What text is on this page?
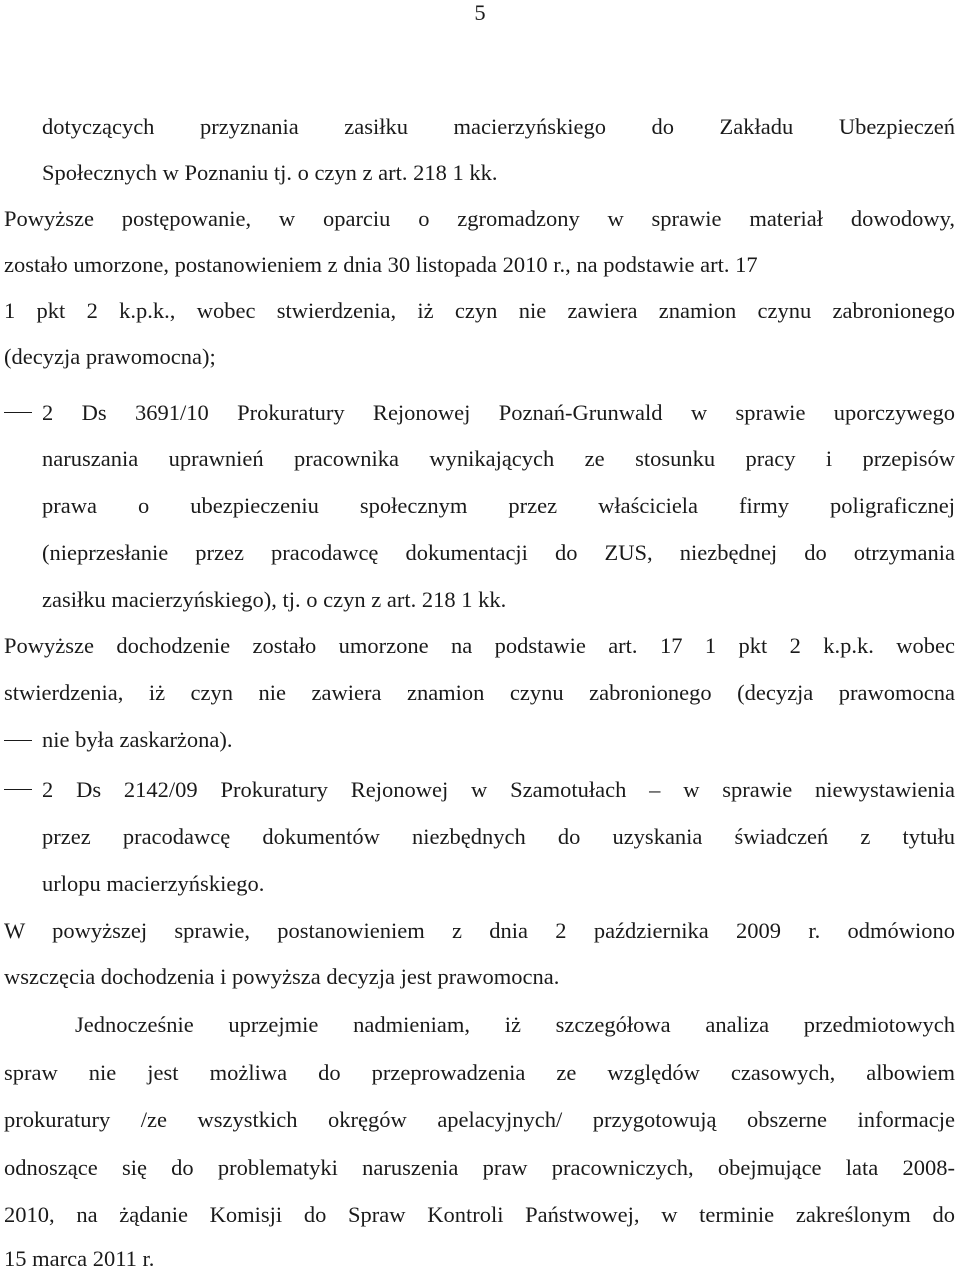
5
dotyczących przyznania zasiłku macierzyńskiego do Zakładu Ubezpieczeń
Społecznych w Poznaniu tj. o czyn z art. 218 1 kk.
Powyższe postępowanie, w oparciu o zgromadzony w sprawie materiał dowodowy,
zostało umorzone, postanowieniem z dnia 30 listopada 2010 r., na podstawie art. 17
1 pkt 2 k.p.k., wobec stwierdzenia, iż czyn nie zawiera znamion czynu zabronionego
(decyzja prawomocna);
2 Ds 3691/10 Prokuratury Rejonowej Poznań-Grunwald w sprawie uporczywego
naruszania uprawnień pracownika wynikających ze stosunku pracy i przepisów
prawa o ubezpieczeniu społecznym przez właściciela firmy poligraficznej
(nieprzesłanie przez pracodawcę dokumentacji do ZUS, niezbędnej do otrzymania
zasiłku macierzyńskiego), tj. o czyn z art. 218 1 kk.
Powyższe dochodzenie zostało umorzone na podstawie art. 17 1 pkt 2 k.p.k. wobec
stwierdzenia, iż czyn nie zawiera znamion czynu zabronionego (decyzja prawomocna
nie była zaskarżona).
2 Ds 2142/09 Prokuratury Rejonowej w Szamotułach – w sprawie niewystawienia
przez pracodawcę dokumentów niezbędnych do uzyskania świadczeń z tytułu
urlopu macierzyńskiego.
W powyższej sprawie, postanowieniem z dnia 2 października 2009 r. odmówiono
wszczęcia dochodzenia i powyższa decyzja jest prawomocna.
Jednocześnie uprzejmie nadmieniam, iż szczegółowa analiza przedmiotowych
spraw nie jest możliwa do przeprowadzenia ze względów czasowych, albowiem
prokuratury /ze wszystkich okręgów apelacyjnych/ przygotowują obszerne informacje
odnoszące się do problematyki naruszenia praw pracowniczych, obejmujące lata 2008-
2010, na żądanie Komisji do Spraw Kontroli Państwowej, w terminie zakreślonym do
15 marca 2011 r.
